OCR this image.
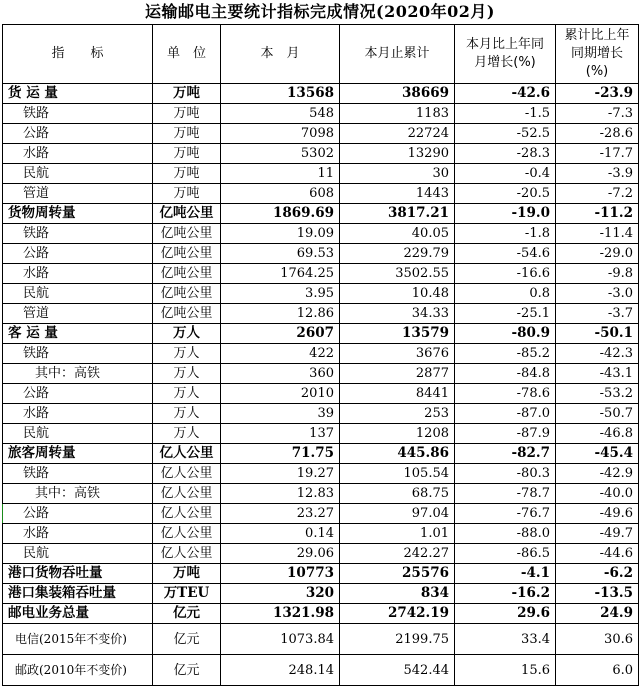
运输邮电主要统计指标完成情况(2020年02月)
指　　标	单　位	本　月	本月止累计	本月比上年同月增长(%)	累计比上年同期增长(%)
货 运 量	万吨	13568	38669	-42.6	-23.9
铁路	万吨	548	1183	-1.5	-7.3
公路	万吨	7098	22724	-52.5	-28.6
水路	万吨	5302	13290	-28.3	-17.7
民航	万吨	11	30	-0.4	-3.9
管道	万吨	608	1443	-20.5	-7.2
货物周转量	亿吨公里	1869.69	3817.21	-19.0	-11.2
铁路	亿吨公里	19.09	40.05	-1.8	-11.4
公路	亿吨公里	69.53	229.79	-54.6	-29.0
水路	亿吨公里	1764.25	3502.55	-16.6	-9.8
民航	亿吨公里	3.95	10.48	0.8	-3.0
管道	亿吨公里	12.86	34.33	-25.1	-3.7
客 运 量	万人	2607	13579	-80.9	-50.1
铁路	万人	422	3676	-85.2	-42.3
其中：高铁	万人	360	2877	-84.8	-43.1
公路	万人	2010	8441	-78.6	-53.2
水路	万人	39	253	-87.0	-50.7
民航	万人	137	1208	-87.9	-46.8
旅客周转量	亿人公里	71.75	445.86	-82.7	-45.4
铁路	亿人公里	19.27	105.54	-80.3	-42.9
其中：高铁	亿人公里	12.83	68.75	-78.7	-40.0
公路	亿人公里	23.27	97.04	-76.7	-49.6
水路	亿人公里	0.14	1.01	-88.0	-49.7
民航	亿人公里	29.06	242.27	-86.5	-44.6
港口货物吞吐量	万吨	10773	25576	-4.1	-6.2
港口集装箱吞吐量	万TEU	320	834	-16.2	-13.5
邮电业务总量	亿元	1321.98	2742.19	29.6	24.9
电信(2015年不变价)	亿元	1073.84	2199.75	33.4	30.6
邮政(2010年不变价)	亿元	248.14	542.44	15.6	6.0
